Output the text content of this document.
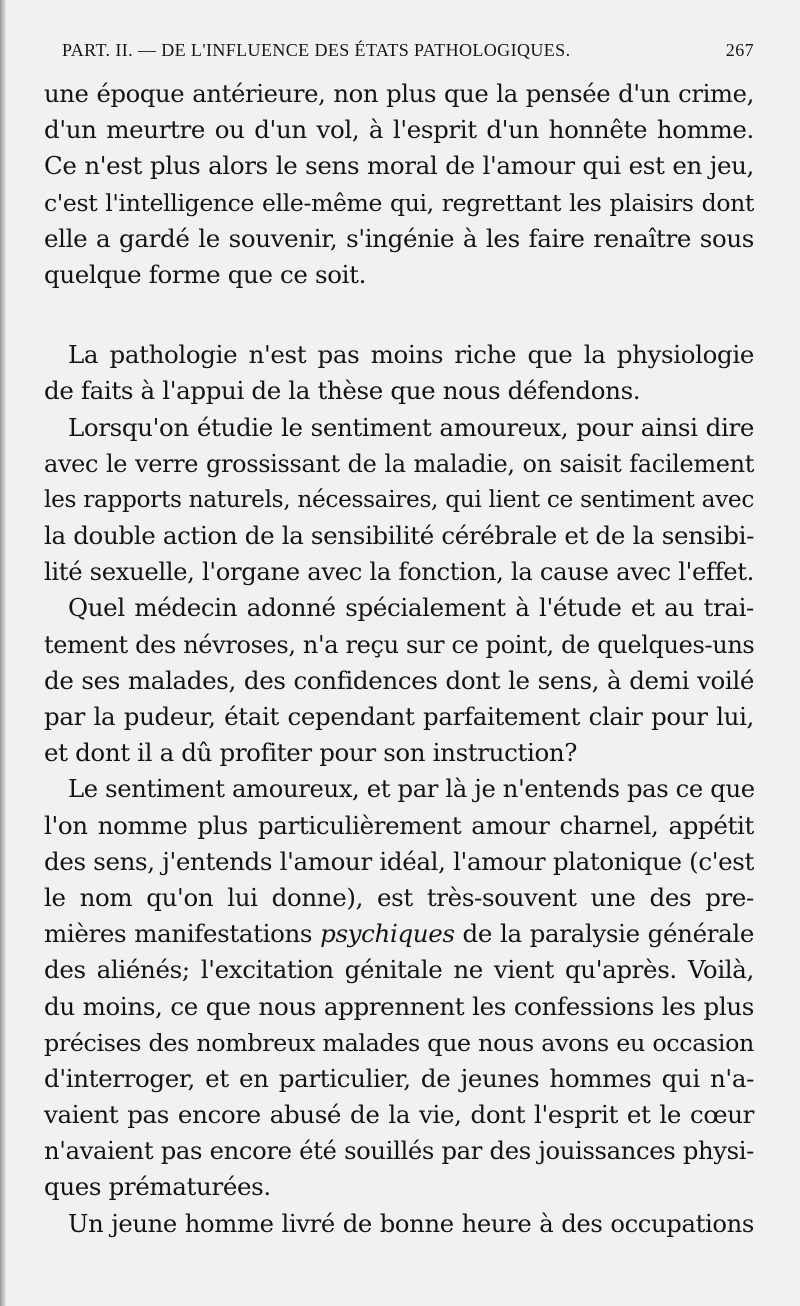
PART. II. — DE L'INFLUENCE DES ÉTATS PATHOLOGIQUES.	267
une époque antérieure, non plus que la pensée d'un crime,
d'un meurtre ou d'un vol, à l'esprit d'un honnête homme.
Ce n'est plus alors le sens moral de l'amour qui est en jeu,
c'est l'intelligence elle-même qui, regrettant les plaisirs dont
elle a gardé le souvenir, s'ingénie à les faire renaître sous
quelque forme que ce soit.
La pathologie n'est pas moins riche que la physiologie
de faits à l'appui de la thèse que nous défendons.
Lorsqu'on étudie le sentiment amoureux, pour ainsi dire
avec le verre grossissant de la maladie, on saisit facilement
les rapports naturels, nécessaires, qui lient ce sentiment avec
la double action de la sensibilité cérébrale et de la sensibi-
lité sexuelle, l'organe avec la fonction, la cause avec l'effet.
Quel médecin adonné spécialement à l'étude et au trai-
tement des névroses, n'a reçu sur ce point, de quelques-uns
de ses malades, des confidences dont le sens, à demi voilé
par la pudeur, était cependant parfaitement clair pour lui,
et dont il a dû profiter pour son instruction?
Le sentiment amoureux, et par là je n'entends pas ce que
l'on nomme plus particulièrement amour charnel, appétit
des sens, j'entends l'amour idéal, l'amour platonique (c'est
le nom qu'on lui donne), est très-souvent une des pre-
mières manifestations psychiques de la paralysie générale
des aliénés; l'excitation génitale ne vient qu'après. Voilà,
du moins, ce que nous apprennent les confessions les plus
précises des nombreux malades que nous avons eu occasion
d'interroger, et en particulier, de jeunes hommes qui n'a-
vaient pas encore abusé de la vie, dont l'esprit et le cœur
n'avaient pas encore été souillés par des jouissances physi-
ques prématurées.
Un jeune homme livré de bonne heure à des occupations
